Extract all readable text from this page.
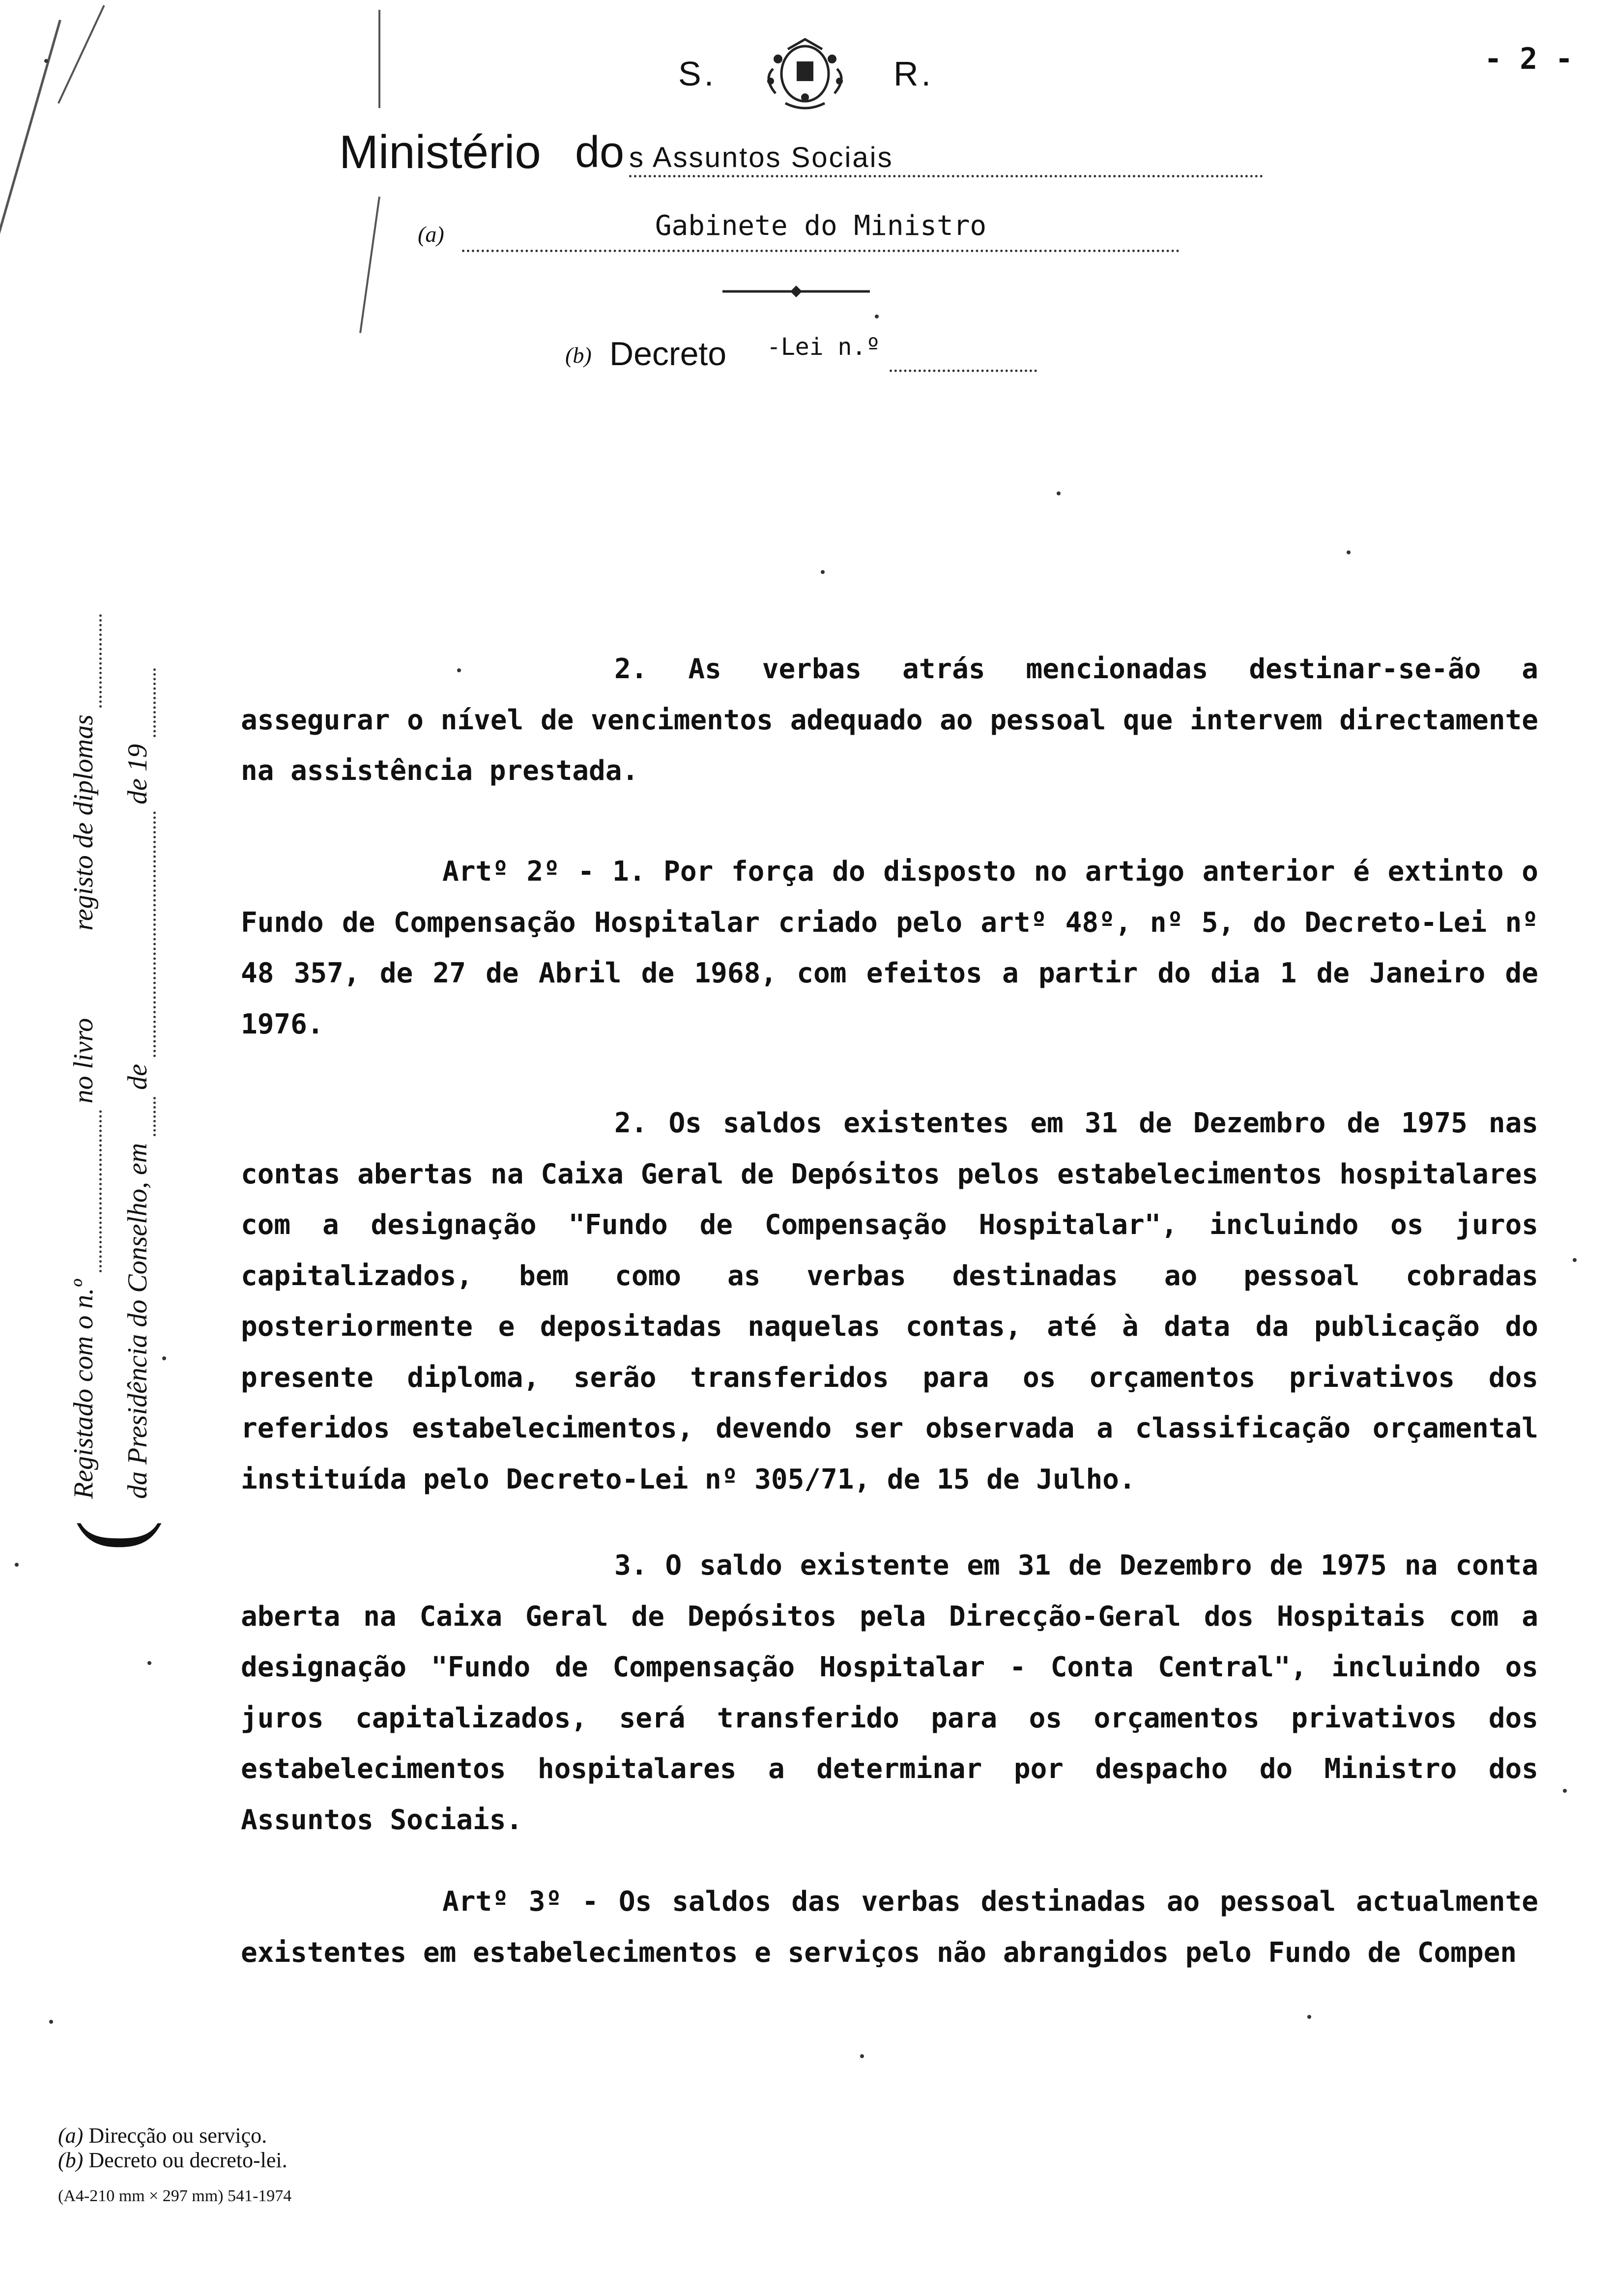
S.	R.	- 2 -
Ministério do s Assuntos Sociais
(a)	Gabinete do Ministro
(b) Decreto -Lei n.º
(
Registado com o n.º  no livro  registo de diplomas
da Presidência do Conselho, em  de  de 19
2. As verbas atrás mencionadas destinar-se-ão a assegurar o nível de vencimentos adequado ao pessoal que intervem directamente na assistência prestada.
Artº 2º - 1. Por força do disposto no artigo anterior é extinto o Fundo de Compensação Hospitalar criado pelo artº 48º, nº 5, do Decreto-Lei nº 48 357, de 27 de Abril de 1968, com efeitos a partir do dia 1 de Janeiro de 1976.
2. Os saldos existentes em 31 de Dezembro de 1975 nas contas abertas na Caixa Geral de Depósitos pelos estabelecimentos hospitalares com a designação "Fundo de Compensação Hospitalar", incluindo os juros capitalizados, bem como as verbas destinadas ao pessoal cobradas posteriormente e depositadas naquelas contas, até à data da publicação do presente diploma, serão transferidos para os orçamentos privativos dos referidos estabelecimentos, devendo ser observada a classificação orçamental instituída pelo Decreto-Lei nº 305/71, de 15 de Julho.
3. O saldo existente em 31 de Dezembro de 1975 na conta aberta na Caixa Geral de Depósitos pela Direcção-Geral dos Hospitais com a designação "Fundo de Compensação Hospitalar - Conta Central", incluindo os juros capitalizados, será transferido para os orçamentos privativos dos estabelecimentos hospitalares a determinar por despacho do Ministro dos Assuntos Sociais.
Artº 3º - Os saldos das verbas destinadas ao pessoal actualmente existentes em estabelecimentos e serviços não abrangidos pelo Fundo de Compen
(a) Direcção ou serviço.
(b) Decreto ou decreto-lei.
(A4-210 mm × 297 mm) 541-1974
